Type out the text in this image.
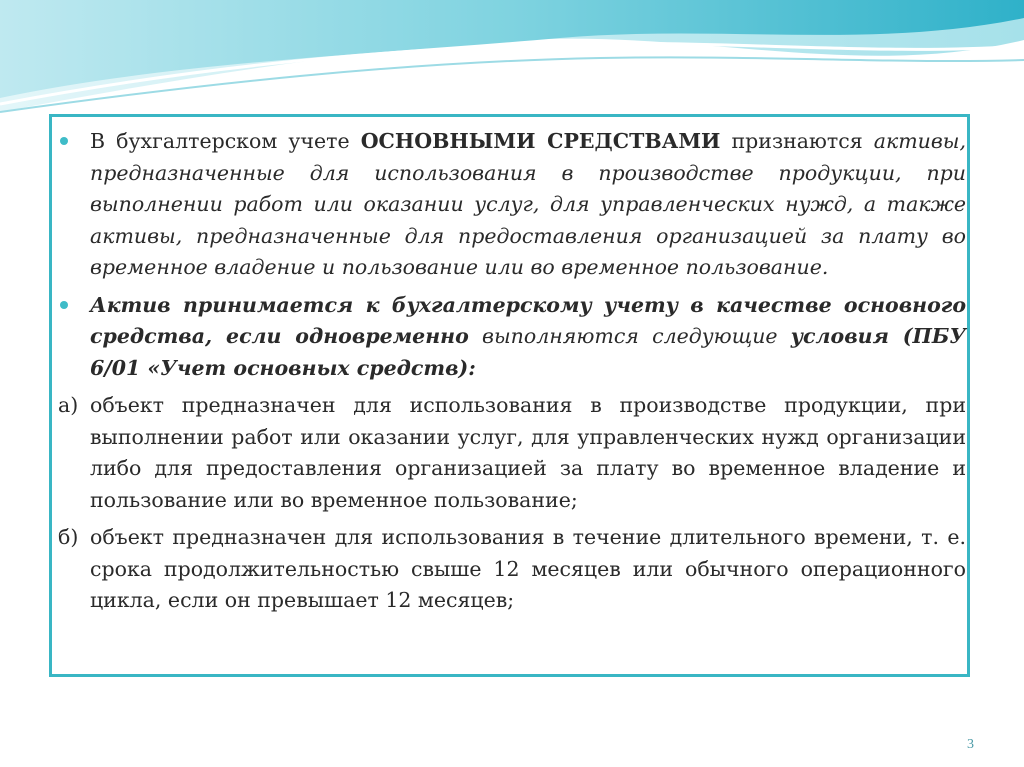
В бухгалтерском учете ОСНОВНЫМИ СРЕДСТВАМИ признаются активы, предназначенные для использования в производстве продукции, при выполнении работ или оказании услуг, для управленческих нужд, а также активы, предназначенные для предоставления организацией за плату во временное владение и пользование или во временное пользование.

Актив принимается к бухгалтерскому учету в качестве основного средства, если одновременно выполняются следующие условия (ПБУ 6/01 «Учет основных средств):

а) объект предназначен для использования в производстве продукции, при выполнении работ или оказании услуг, для управленческих нужд организации либо для предоставления организацией за плату во временное владение и пользование или во временное пользование;

б) объект предназначен для использования в течение длительного времени, т. е. срока продолжительностью свыше 12 месяцев или обычного операционного цикла, если он превышает 12 месяцев;

3
